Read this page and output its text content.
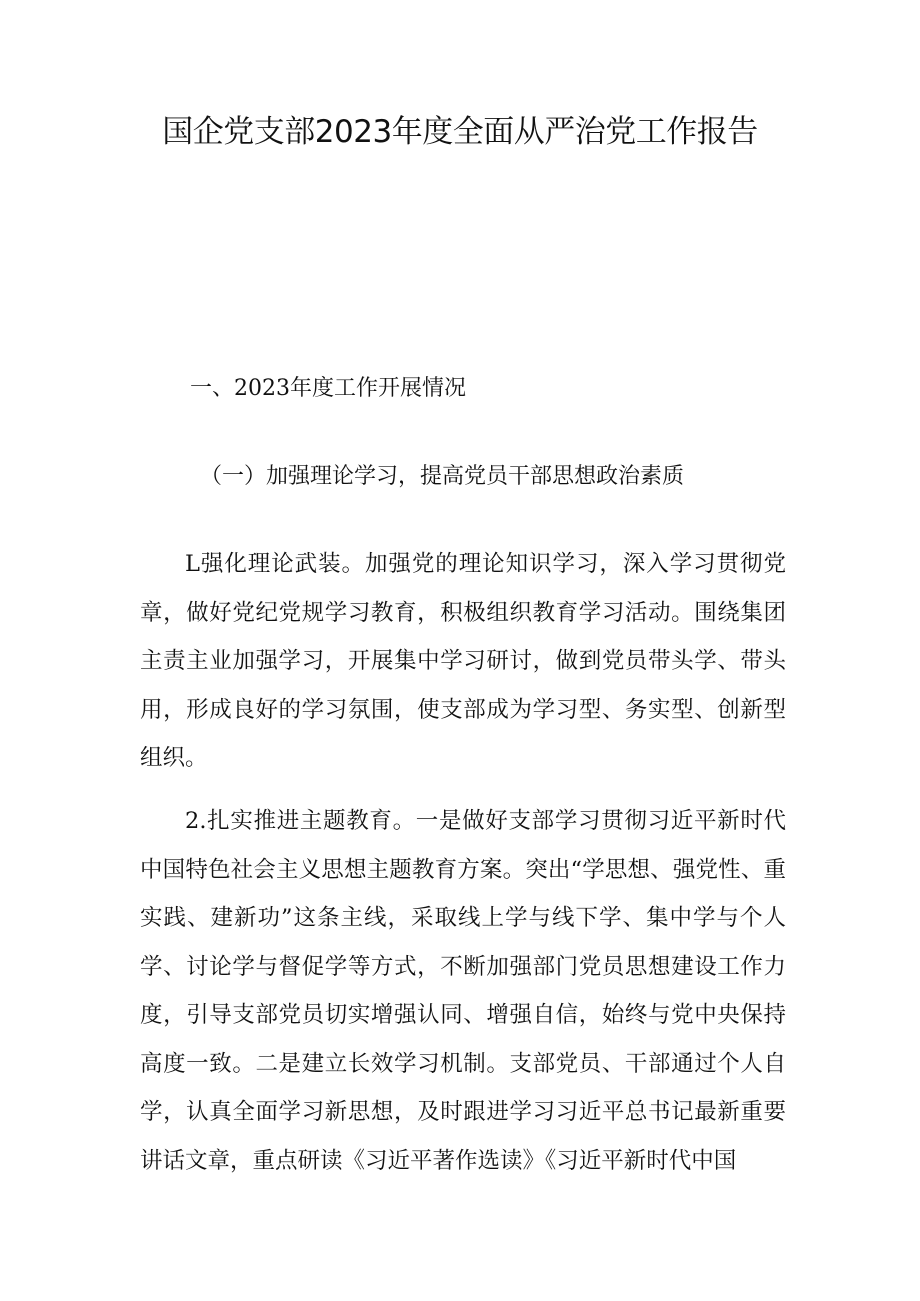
国企党支部2023年度全面从严治党工作报告
一、2023年度工作开展情况
（一）加强理论学习，提高党员干部思想政治素质

L强化理论武装。加强党的理论知识学习，深入学习贯彻党章，做好党纪党规学习教育，积极组织教育学习活动。围绕集团主责主业加强学习，开展集中学习研讨，做到党员带头学、带头用，形成良好的学习氛围，使支部成为学习型、务实型、创新型组织。

2.扎实推进主题教育。一是做好支部学习贯彻习近平新时代中国特色社会主义思想主题教育方案。突出“学思想、强党性、重实践、建新功”这条主线，采取线上学与线下学、集中学与个人学、讨论学与督促学等方式，不断加强部门党员思想建设工作力度，引导支部党员切实增强认同、增强自信，始终与党中央保持高度一致。二是建立长效学习机制。支部党员、干部通过个人自学，认真全面学习新思想，及时跟进学习习近平总书记最新重要讲话文章，重点研读《习近平著作选读》《习近平新时代中国
